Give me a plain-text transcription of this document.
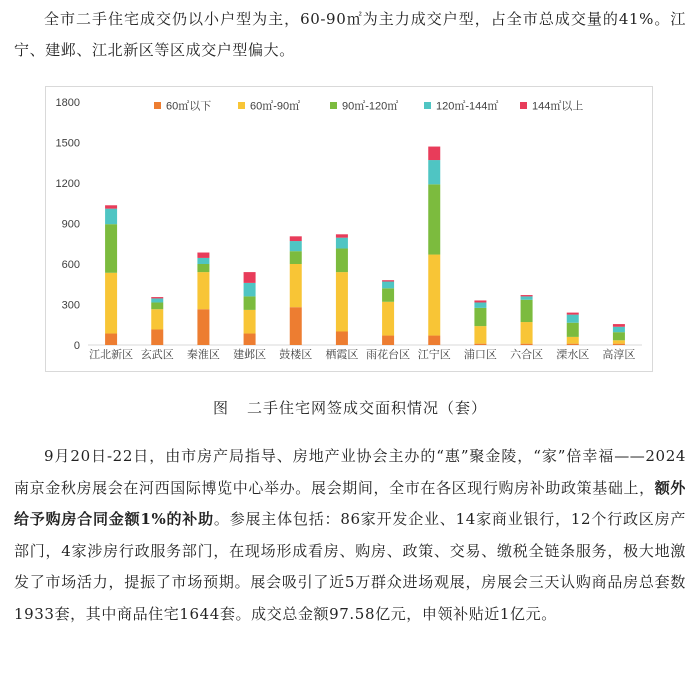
全市二手住宅成交仍以小户型为主，60-90㎡为主力成交户型，占全市总成交量的41%。江宁、建邺、江北新区等区成交户型偏大。

0
300
600
900
1200
1500
1800
江北新区 玄武区 秦淮区 建邺区 鼓楼区 栖霞区 雨花台区 江宁区 浦口区 六合区 溧水区 高淳区
60㎡以下	60㎡-90㎡	90㎡-120㎡	120㎡-144㎡	144㎡以上
图 二手住宅网签成交面积情况（套）

9月20日-22日，由市房产局指导、房地产业协会主办的“惠”聚金陵，“家”倍幸福——2024南京金秋房展会在河西国际博览中心举办。展会期间，全市在各区现行购房补助政策基础上，额外给予购房合同金额1%的补助。参展主体包括：86家开发企业、14家商业银行，12个行政区房产部门，4家涉房行政服务部门，在现场形成看房、购房、政策、交易、缴税全链条服务，极大地激发了市场活力，提振了市场预期。展会吸引了近5万群众进场观展，房展会三天认购商品房总套数1933套，其中商品住宅1644套。成交总金额97.58亿元，申领补贴近1亿元。
